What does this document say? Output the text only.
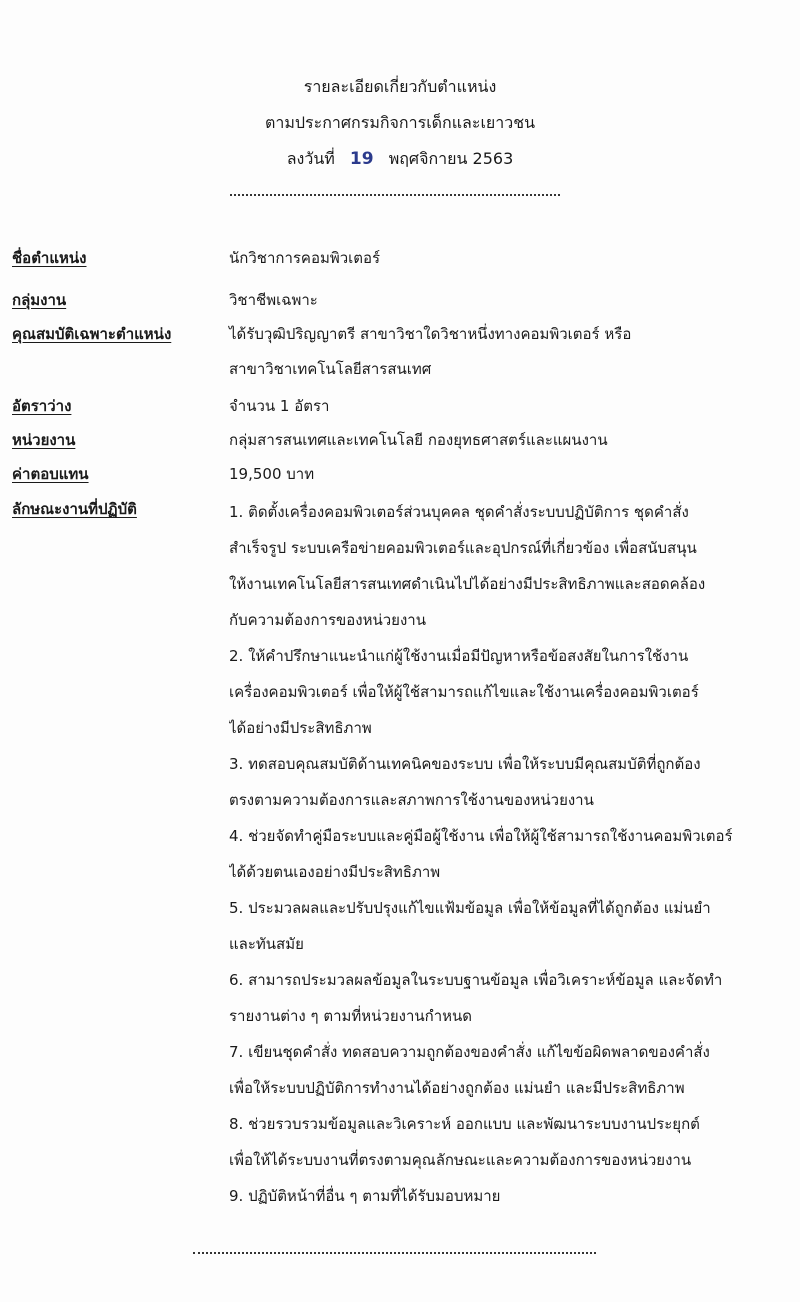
รายละเอียดเกี่ยวกับตำแหน่ง
ตามประกาศกรมกิจการเด็กและเยาวชน
ลงวันที่ 19 พฤศจิกายน 2563
ชื่อตำแหน่ง	นักวิชาการคอมพิวเตอร์
กลุ่มงาน	วิชาชีพเฉพาะ
คุณสมบัติเฉพาะตำแหน่ง	ได้รับวุฒิปริญญาตรี สาขาวิชาใดวิชาหนึ่งทางคอมพิวเตอร์ หรือ
สาขาวิชาเทคโนโลยีสารสนเทศ
อัตราว่าง	จำนวน 1 อัตรา
หน่วยงาน	กลุ่มสารสนเทศและเทคโนโลยี กองยุทธศาสตร์และแผนงาน
ค่าตอบแทน	19,500 บาท
ลักษณะงานที่ปฏิบัติ	1. ติดตั้งเครื่องคอมพิวเตอร์ส่วนบุคคล ชุดคำสั่งระบบปฏิบัติการ ชุดคำสั่ง
สำเร็จรูป ระบบเครือข่ายคอมพิวเตอร์และอุปกรณ์ที่เกี่ยวข้อง เพื่อสนับสนุน
ให้งานเทคโนโลยีสารสนเทศดำเนินไปได้อย่างมีประสิทธิภาพและสอดคล้อง
กับความต้องการของหน่วยงาน
2. ให้คำปรึกษาแนะนำแก่ผู้ใช้งานเมื่อมีปัญหาหรือข้อสงสัยในการใช้งาน
เครื่องคอมพิวเตอร์ เพื่อให้ผู้ใช้สามารถแก้ไขและใช้งานเครื่องคอมพิวเตอร์
ได้อย่างมีประสิทธิภาพ
3. ทดสอบคุณสมบัติด้านเทคนิคของระบบ เพื่อให้ระบบมีคุณสมบัติที่ถูกต้อง
ตรงตามความต้องการและสภาพการใช้งานของหน่วยงาน
4. ช่วยจัดทำคู่มือระบบและคู่มือผู้ใช้งาน เพื่อให้ผู้ใช้สามารถใช้งานคอมพิวเตอร์
ได้ด้วยตนเองอย่างมีประสิทธิภาพ
5. ประมวลผลและปรับปรุงแก้ไขแฟ้มข้อมูล เพื่อให้ข้อมูลที่ได้ถูกต้อง แม่นยำ
และทันสมัย
6. สามารถประมวลผลข้อมูลในระบบฐานข้อมูล เพื่อวิเคราะห์ข้อมูล และจัดทำ
รายงานต่าง ๆ ตามที่หน่วยงานกำหนด
7. เขียนชุดคำสั่ง ทดสอบความถูกต้องของคำสั่ง แก้ไขข้อผิดพลาดของคำสั่ง
เพื่อให้ระบบปฏิบัติการทำงานได้อย่างถูกต้อง แม่นยำ และมีประสิทธิภาพ
8. ช่วยรวบรวมข้อมูลและวิเคราะห์ ออกแบบ และพัฒนาระบบงานประยุกต์
เพื่อให้ได้ระบบงานที่ตรงตามคุณลักษณะและความต้องการของหน่วยงาน
9. ปฏิบัติหน้าที่อื่น ๆ ตามที่ได้รับมอบหมาย
